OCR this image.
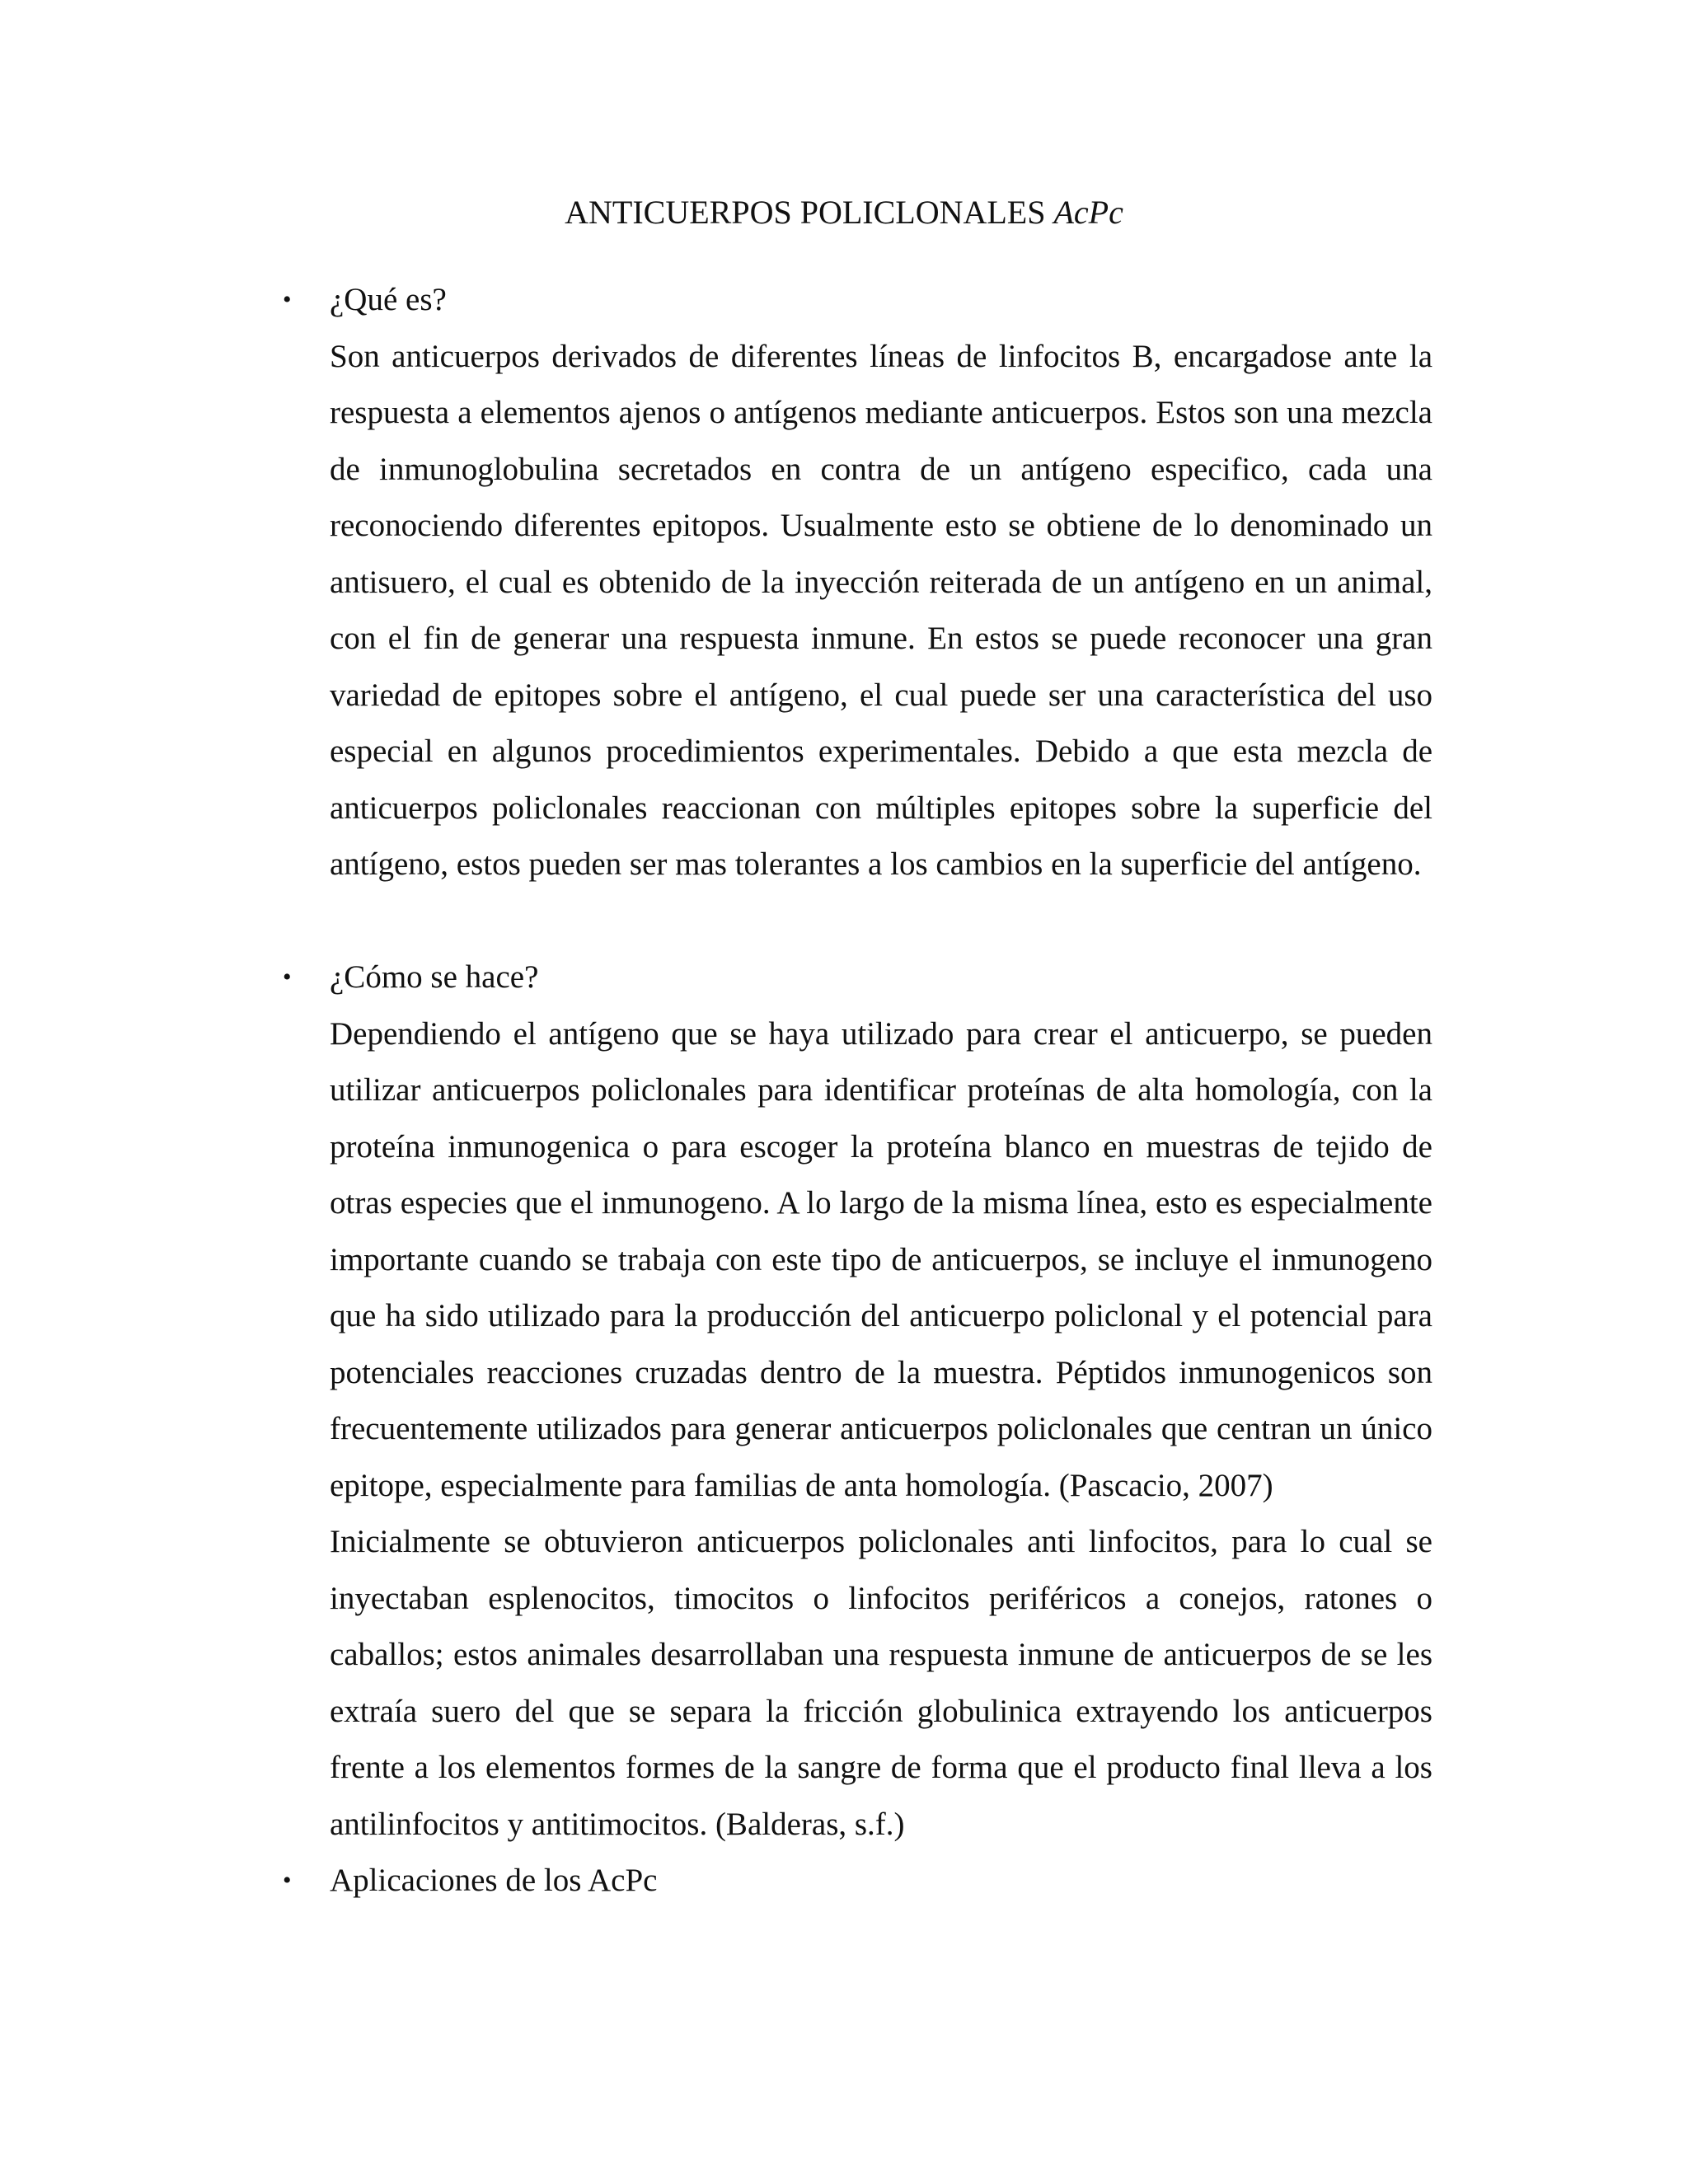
ANTICUERPOS POLICLONALES AcPc

• ¿Qué es?

Son anticuerpos derivados de diferentes líneas de linfocitos B, encargadose ante la respuesta a elementos ajenos o antígenos mediante anticuerpos. Estos son una mezcla de inmunoglobulina secretados en contra de un antígeno especifico, cada una reconociendo diferentes epitopos. Usualmente esto se obtiene de lo denominado un antisuero, el cual es obtenido de la inyección reiterada de un antígeno en un animal, con el fin de generar una respuesta inmune. En estos se puede reconocer una gran variedad de epitopes sobre el antígeno, el cual puede ser una característica del uso especial en algunos procedimientos experimentales. Debido a que esta mezcla de anticuerpos policlonales reaccionan con múltiples epitopes sobre la superficie del antígeno, estos pueden ser mas tolerantes a los cambios en la superficie del antígeno.

• ¿Cómo se hace?

Dependiendo el antígeno que se haya utilizado para crear el anticuerpo, se pueden utilizar anticuerpos policlonales para identificar proteínas de alta homología, con la proteína inmunogenica o para escoger la proteína blanco en muestras de tejido de otras especies que el inmunogeno. A lo largo de la misma línea, esto es especialmente importante cuando se trabaja con este tipo de anticuerpos, se incluye el inmunogeno que ha sido utilizado para la producción del anticuerpo policlonal y el potencial para potenciales reacciones cruzadas dentro de la muestra. Péptidos inmunogenicos son frecuentemente utilizados para generar anticuerpos policlonales que centran un único epitope, especialmente para familias de anta homología. (Pascacio, 2007)

Inicialmente se obtuvieron anticuerpos policlonales anti linfocitos, para lo cual se inyectaban esplenocitos, timocitos o linfocitos periféricos a conejos, ratones o caballos; estos animales desarrollaban una respuesta inmune de anticuerpos de se les extraía suero del que se separa la fricción globulinica extrayendo los anticuerpos frente a los elementos formes de la sangre de forma que el producto final lleva a los antilinfocitos y antitimocitos. (Balderas, s.f.)

• Aplicaciones de los AcPc
